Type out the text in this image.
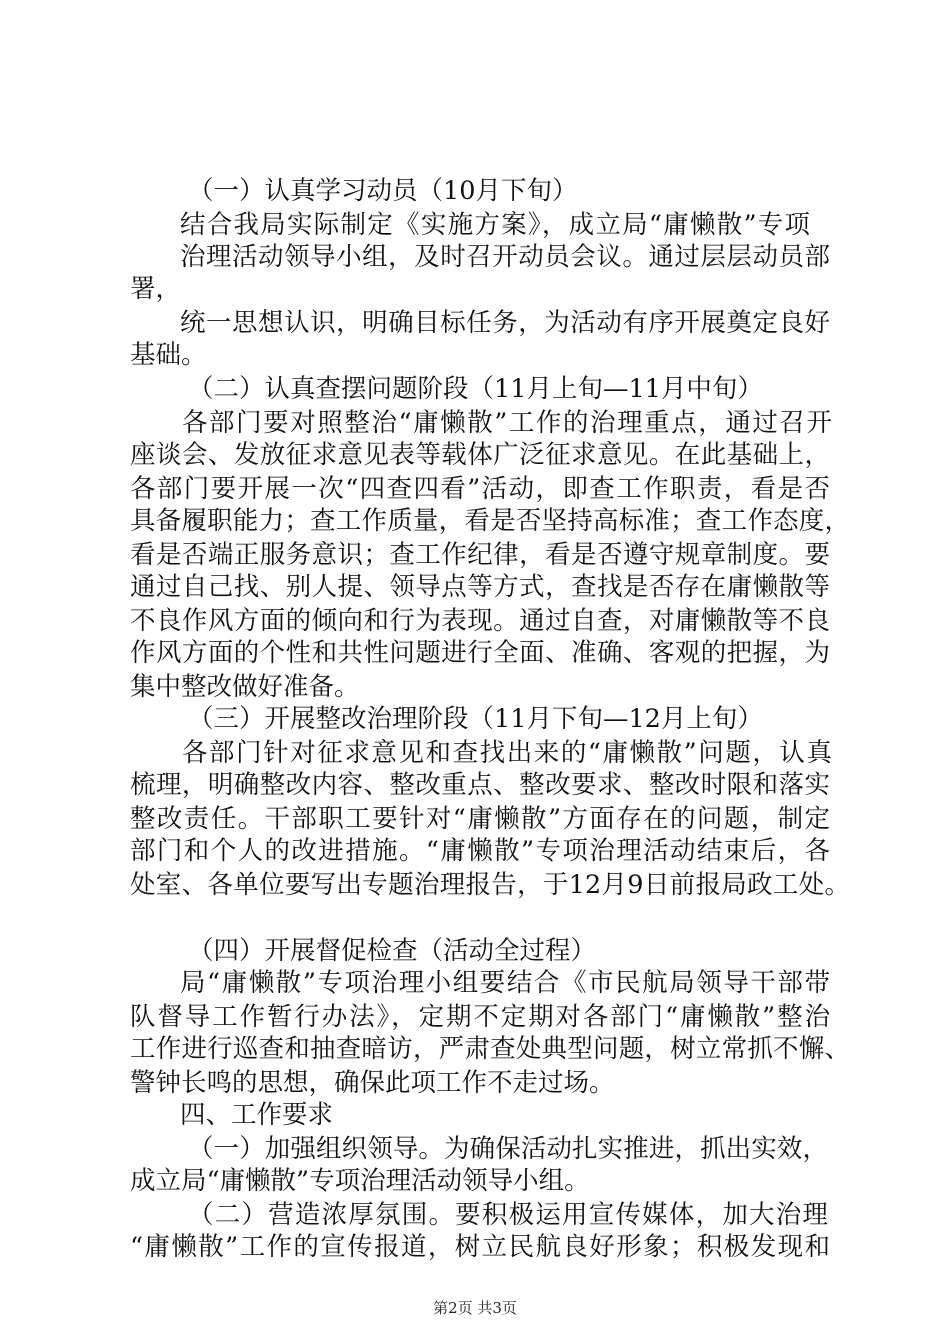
（一）认真学习动员（10月下旬）
结合我局实际制定《实施方案》，成立局“庸懒散”专项
治理活动领导小组，及时召开动员会议。通过层层动员部
署，
统一思想认识，明确目标任务，为活动有序开展奠定良好
基础。
（二）认真查摆问题阶段（11月上旬—11月中旬）
各部门要对照整治“庸懒散”工作的治理重点，通过召开
座谈会、发放征求意见表等载体广泛征求意见。在此基础上，
各部门要开展一次“四查四看”活动，即查工作职责，看是否
具备履职能力；查工作质量，看是否坚持高标准；查工作态度，
看是否端正服务意识；查工作纪律，看是否遵守规章制度。要
通过自己找、别人提、领导点等方式，查找是否存在庸懒散等
不良作风方面的倾向和行为表现。通过自查，对庸懒散等不良
作风方面的个性和共性问题进行全面、准确、客观的把握，为
集中整改做好准备。
（三）开展整改治理阶段（11月下旬—12月上旬）
各部门针对征求意见和查找出来的“庸懒散”问题，认真
梳理，明确整改内容、整改重点、整改要求、整改时限和落实
整改责任。干部职工要针对“庸懒散”方面存在的问题，制定
部门和个人的改进措施。“庸懒散”专项治理活动结束后，各
处室、各单位要写出专题治理报告，于12月9日前报局政工处。
（四）开展督促检查（活动全过程）
局“庸懒散”专项治理小组要结合《市民航局领导干部带
队督导工作暂行办法》，定期不定期对各部门“庸懒散”整治
工作进行巡查和抽查暗访，严肃查处典型问题，树立常抓不懈、
警钟长鸣的思想，确保此项工作不走过场。
四、工作要求
（一）加强组织领导。为确保活动扎实推进，抓出实效，
成立局“庸懒散”专项治理活动领导小组。
（二）营造浓厚氛围。要积极运用宣传媒体，加大治理
“庸懒散”工作的宣传报道，树立民航良好形象；积极发现和
第2页 共3页
